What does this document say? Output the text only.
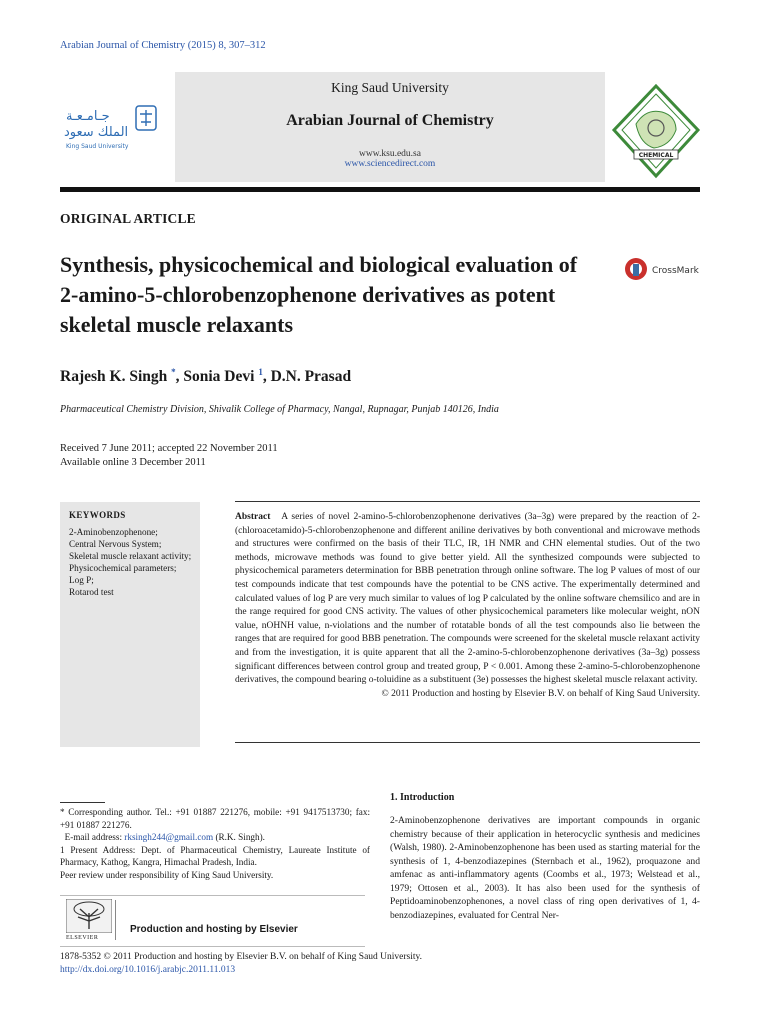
Arabian Journal of Chemistry (2015) 8, 307–312
جـامـعـة
الملك سعود
King Saud University
King Saud University
Arabian Journal of Chemistry
www.ksu.edu.sa
www.sciencedirect.com
CHEMICAL
ORIGINAL ARTICLE
Synthesis, physicochemical and biological evaluation of 2-amino-5-chlorobenzophenone derivatives as potent skeletal muscle relaxants
CrossMark
Rajesh K. Singh *, Sonia Devi $^1$, D.N. Prasad
Pharmaceutical Chemistry Division, Shivalik College of Pharmacy, Nangal, Rupnagar, Punjab 140126, India
Received 7 June 2011; accepted 22 November 2011
Available online 3 December 2011
KEYWORDS
2-Aminobenzophenone;
Central Nervous System;
Skeletal muscle relaxant activity;
Physicochemical parameters;
Log P;
Rotarod test
Abstract A series of novel 2-amino-5-chlorobenzophenone derivatives (3a–3g) were prepared by the reaction of 2-(chloroacetamido)-5-chlorobenzophenone and different aniline derivatives by both conventional and microwave methods and structures were confirmed on the basis of their TLC, IR, 1H NMR and CHN elemental studies. Out of the two methods, microwave methods was found to give better yield. All the synthesized compounds were subjected to physicochemical parameters determination for BBB penetration through online software. The log P values of most of our test compounds indicate that test compounds have the potential to be CNS active. The experimentally determined and calculated values of log P are very much similar to values of log P calculated by the online software chemsilico and are in the range required for good CNS activity. The values of other physicochemical parameters like molecular weight, nON value, nOHNH value, n-violations and the number of rotatable bonds of all the test compounds also lie between the ranges that are required for good BBB penetration. The compounds were screened for the skeletal muscle relaxant activity and from the investigation, it is quite apparent that all the 2-amino-5-chlorobenzophenone derivatives (3a–3g) possess significant differences between control group and treated group, P < 0.001. Among these 2-amino-5-chlorobenzophenone derivatives, the compound bearing o-toluidine as a substituent (3e) possesses the highest skeletal muscle relaxant activity.
© 2011 Production and hosting by Elsevier B.V. on behalf of King Saud University.
* Corresponding author. Tel.: +91 01887 221276, mobile: +91 9417513730; fax: +91 01887 221276.
E-mail address: rksingh244@gmail.com (R.K. Singh).
1 Present Address: Dept. of Pharmaceutical Chemistry, Laureate Institute of Pharmacy, Kathog, Kangra, Himachal Pradesh, India.
Peer review under responsibility of King Saud University.
ELSEVIER
Production and hosting by Elsevier
1. Introduction
2-Aminobenzophenone derivatives are important compounds in organic chemistry because of their application in heterocyclic synthesis and medicines (Walsh, 1980). 2-Aminobenzophenone has been used as starting material for the synthesis of 1, 4-benzodiazepines (Sternbach et al., 1962), proquazone and amfenac as anti-inflammatory agents (Coombs et al., 1973; Welstead et al., 1979; Ottosen et al., 2003). It has also been used for the synthesis of Peptidoaminobenzophenones, a novel class of ring open derivatives of 1, 4-benzodiazepines, evaluated for Central Ner-
1878-5352 © 2011 Production and hosting by Elsevier B.V. on behalf of King Saud University.
http://dx.doi.org/10.1016/j.arabjc.2011.11.013
